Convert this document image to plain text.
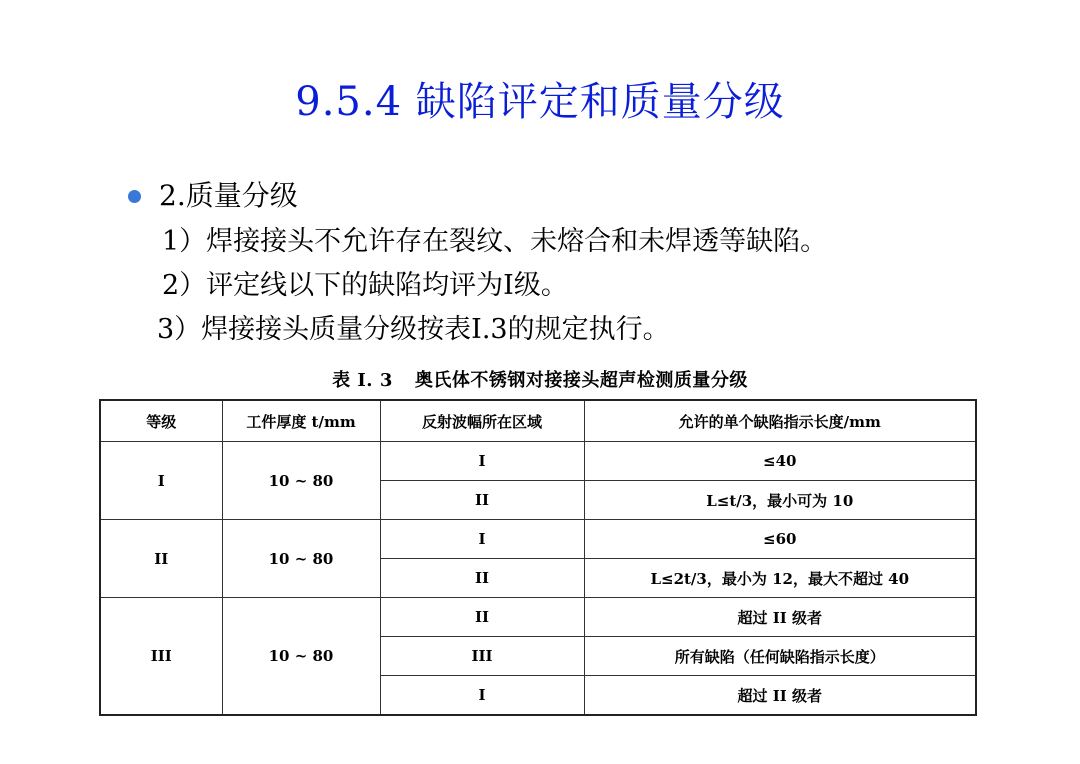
9.5.4 缺陷评定和质量分级
2.质量分级
1）焊接接头不允许存在裂纹、未熔合和未焊透等缺陷。
2）评定线以下的缺陷均评为I级。
3）焊接接头质量分级按表I.3的规定执行。
表 I. 3 奥氏体不锈钢对接接头超声检测质量分级
等级	工件厚度 t/mm	反射波幅所在区域	允许的单个缺陷指示长度/mm
I	10 ~ 80	I	≤40
		II	L≤t/3，最小可为 10
II	10 ~ 80	I	≤60
		II	L≤2t/3，最小为 12，最大不超过 40
III	10 ~ 80	II	超过 II 级者
		III	所有缺陷（任何缺陷指示长度）
		I	超过 II 级者
